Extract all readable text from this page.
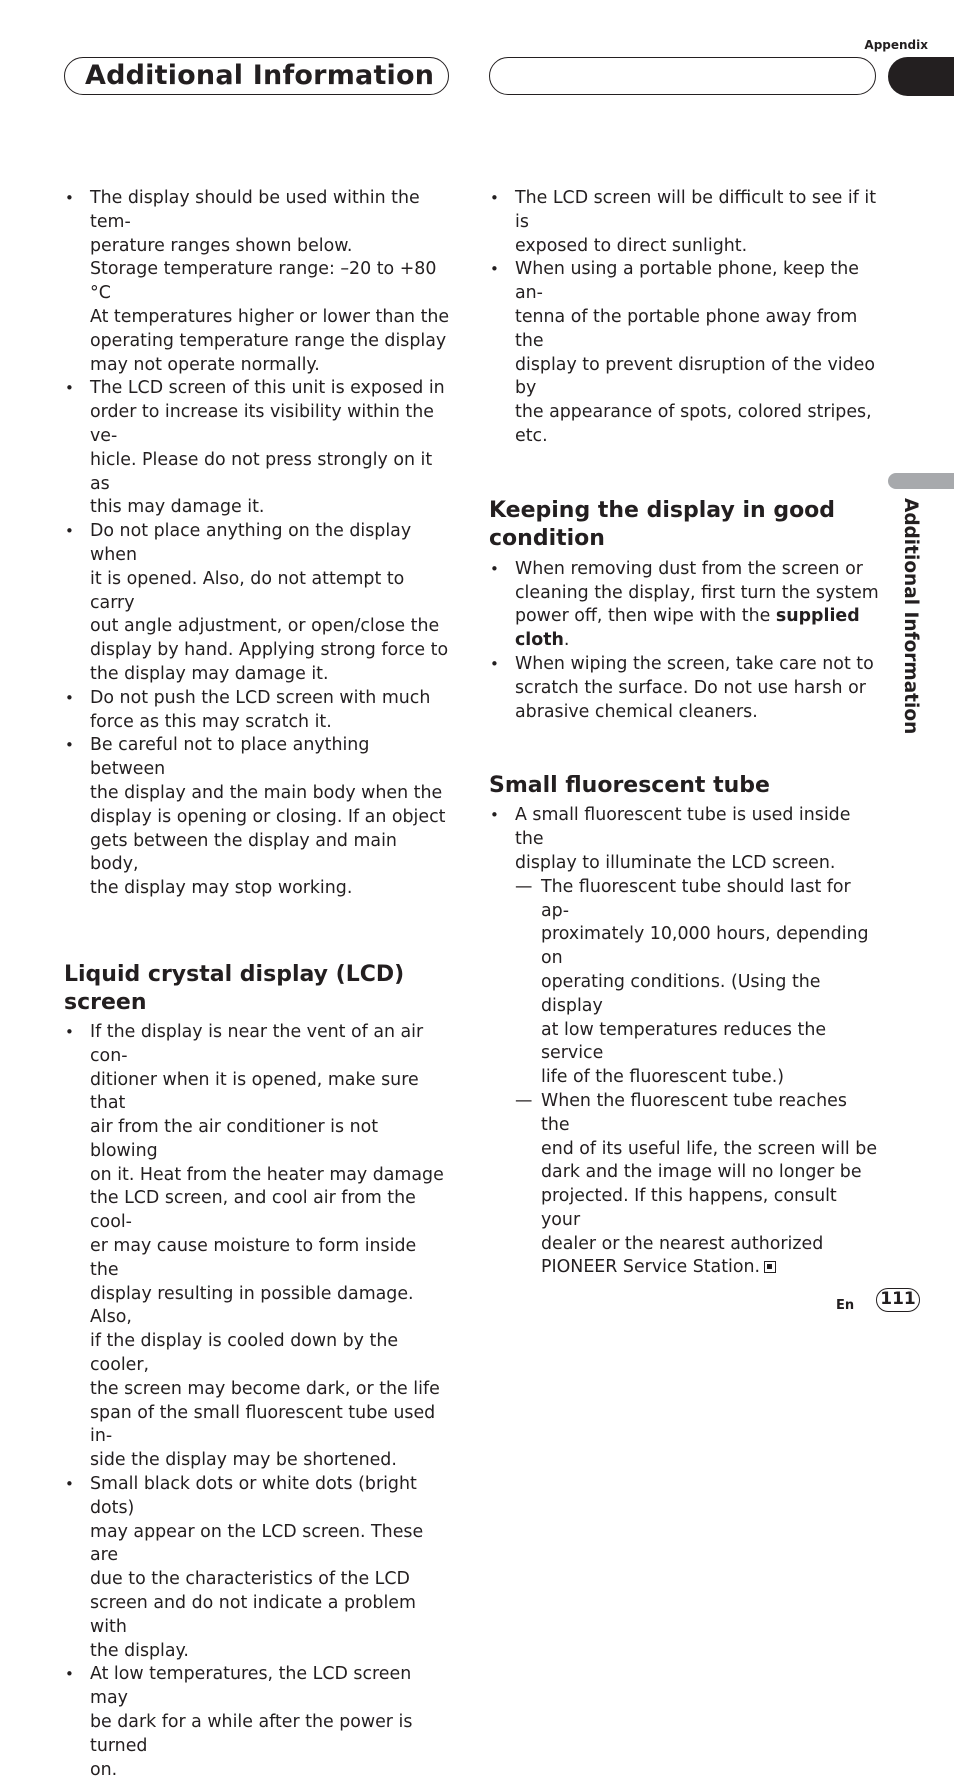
Appendix
Additional Information
Additional Information
• The display should be used within the tem-
perature ranges shown below.
Storage temperature range: –20 to +80 °C
At temperatures higher or lower than the
operating temperature range the display
may not operate normally.
• The LCD screen of this unit is exposed in
order to increase its visibility within the ve-
hicle. Please do not press strongly on it as
this may damage it.
• Do not place anything on the display when
it is opened. Also, do not attempt to carry
out angle adjustment, or open/close the
display by hand. Applying strong force to
the display may damage it.
• Do not push the LCD screen with much
force as this may scratch it.
• Be careful not to place anything between
the display and the main body when the
display is opening or closing. If an object
gets between the display and main body,
the display may stop working.
Liquid crystal display (LCD) screen
• If the display is near the vent of an air con-
ditioner when it is opened, make sure that
air from the air conditioner is not blowing
on it. Heat from the heater may damage
the LCD screen, and cool air from the cool-
er may cause moisture to form inside the
display resulting in possible damage. Also,
if the display is cooled down by the cooler,
the screen may become dark, or the life
span of the small fluorescent tube used in-
side the display may be shortened.
• Small black dots or white dots (bright dots)
may appear on the LCD screen. These are
due to the characteristics of the LCD
screen and do not indicate a problem with
the display.
• At low temperatures, the LCD screen may
be dark for a while after the power is turned
on.
• The LCD screen will be difficult to see if it is
exposed to direct sunlight.
• When using a portable phone, keep the an-
tenna of the portable phone away from the
display to prevent disruption of the video by
the appearance of spots, colored stripes,
etc.
Keeping the display in good
condition
• When removing dust from the screen or
cleaning the display, first turn the system
power off, then wipe with the supplied
cloth.
• When wiping the screen, take care not to
scratch the surface. Do not use harsh or
abrasive chemical cleaners.
Small fluorescent tube
• A small fluorescent tube is used inside the
display to illuminate the LCD screen.
— The fluorescent tube should last for ap-
proximately 10,000 hours, depending on
operating conditions. (Using the display
at low temperatures reduces the service
life of the fluorescent tube.)
— When the fluorescent tube reaches the
end of its useful life, the screen will be
dark and the image will no longer be
projected. If this happens, consult your
dealer or the nearest authorized
PIONEER Service Station.
En 111
